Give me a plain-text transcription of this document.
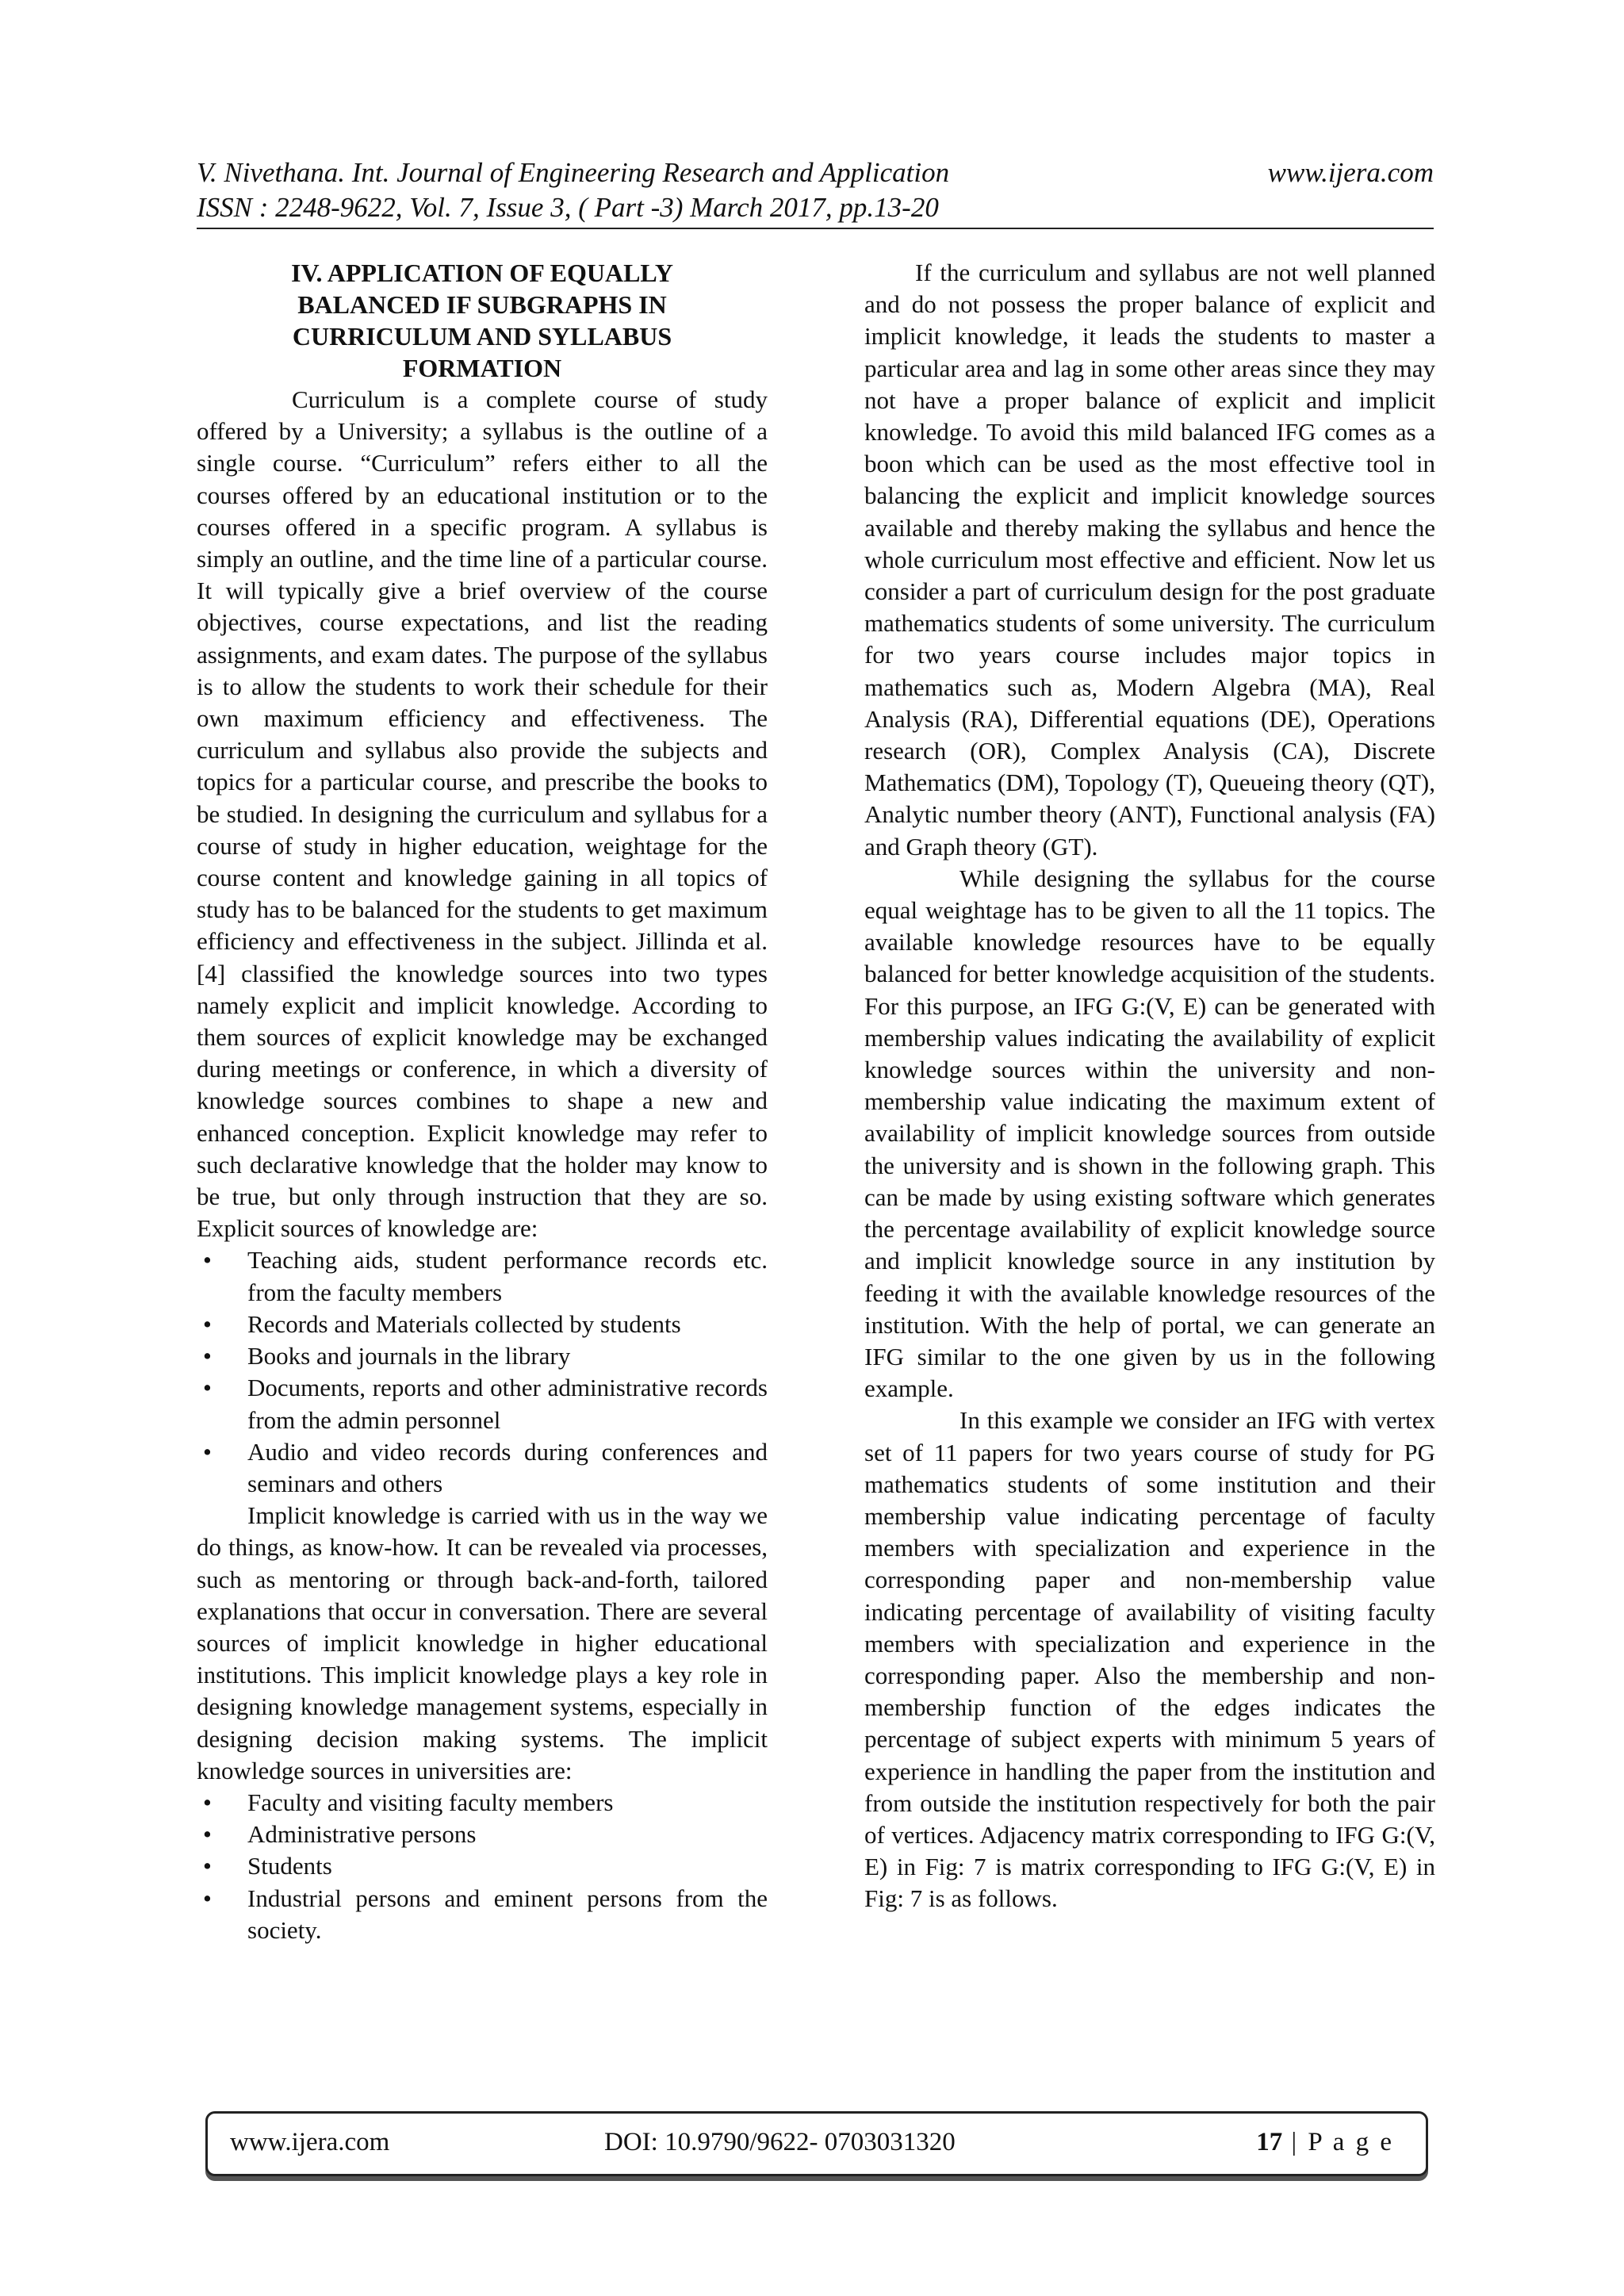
V. Nivethana. Int. Journal of Engineering Research and Application	www.ijera.com
ISSN : 2248-9622, Vol. 7, Issue 3, ( Part -3) March 2017, pp.13-20
IV. APPLICATION OF EQUALLY
BALANCED IF SUBGRAPHS IN
CURRICULUM AND SYLLABUS
FORMATION

Curriculum is a complete course of study offered by a University; a syllabus is the outline of a single course. “Curriculum” refers either to all the courses offered by an educational institution or to the courses offered in a specific program. A syllabus is simply an outline, and the time line of a particular course. It will typically give a brief overview of the course objectives, course expectations, and list the reading assignments, and exam dates. The purpose of the syllabus is to allow the students to work their schedule for their own maximum efficiency and effectiveness. The curriculum and syllabus also provide the subjects and topics for a particular course, and prescribe the books to be studied. In designing the curriculum and syllabus for a course of study in higher education, weightage for the course content and knowledge gaining in all topics of study has to be balanced for the students to get maximum efficiency and effectiveness in the subject. Jillinda et al. [4] classified the knowledge sources into two types namely explicit and implicit knowledge. According to them sources of explicit knowledge may be exchanged during meetings or conference, in which a diversity of knowledge sources combines to shape a new and enhanced conception. Explicit knowledge may refer to such declarative knowledge that the holder may know to be true, but only through instruction that they are so. Explicit sources of knowledge are:

• Teaching aids, student performance records etc. from the faculty members
• Records and Materials collected by students
• Books and journals in the library
• Documents, reports and other administrative records from the admin personnel
• Audio and video records during conferences and seminars and others

Implicit knowledge is carried with us in the way we do things, as know-how. It can be revealed via processes, such as mentoring or through back-and-forth, tailored explanations that occur in conversation. There are several sources of implicit knowledge in higher educational institutions. This implicit knowledge plays a key role in designing knowledge management systems, especially in designing decision making systems. The implicit knowledge sources in universities are:

• Faculty and visiting faculty members
• Administrative persons
• Students
• Industrial persons and eminent persons from the society.

If the curriculum and syllabus are not well planned and do not possess the proper balance of explicit and implicit knowledge, it leads the students to master a particular area and lag in some other areas since they may not have a proper balance of explicit and implicit knowledge. To avoid this mild balanced IFG comes as a boon which can be used as the most effective tool in balancing the explicit and implicit knowledge sources available and thereby making the syllabus and hence the whole curriculum most effective and efficient. Now let us consider a part of curriculum design for the post graduate mathematics students of some university. The curriculum for two years course includes major topics in mathematics such as, Modern Algebra (MA), Real Analysis (RA), Differential equations (DE), Operations research (OR), Complex Analysis (CA), Discrete Mathematics (DM), Topology (T), Queueing theory (QT), Analytic number theory (ANT), Functional analysis (FA) and Graph theory (GT).

While designing the syllabus for the course equal weightage has to be given to all the 11 topics. The available knowledge resources have to be equally balanced for better knowledge acquisition of the students. For this purpose, an IFG G:(V, E) can be generated with membership values indicating the availability of explicit knowledge sources within the university and non-membership value indicating the maximum extent of availability of implicit knowledge sources from outside the university and is shown in the following graph. This can be made by using existing software which generates the percentage availability of explicit knowledge source and implicit knowledge source in any institution by feeding it with the available knowledge resources of the institution. With the help of portal, we can generate an IFG similar to the one given by us in the following example.

In this example we consider an IFG with vertex set of 11 papers for two years course of study for PG mathematics students of some institution and their membership value indicating percentage of faculty members with specialization and experience in the corresponding paper and non-membership value indicating percentage of availability of visiting faculty members with specialization and experience in the corresponding paper. Also the membership and non-membership function of the edges indicates the percentage of subject experts with minimum 5 years of experience in handling the paper from the institution and from outside the institution respectively for both the pair of vertices. Adjacency matrix corresponding to IFG G:(V, E) in Fig: 7 is matrix corresponding to IFG G:(V, E) in Fig: 7 is as follows.

www.ijera.com	DOI: 10.9790/9622- 0703031320	17 | P a g e
